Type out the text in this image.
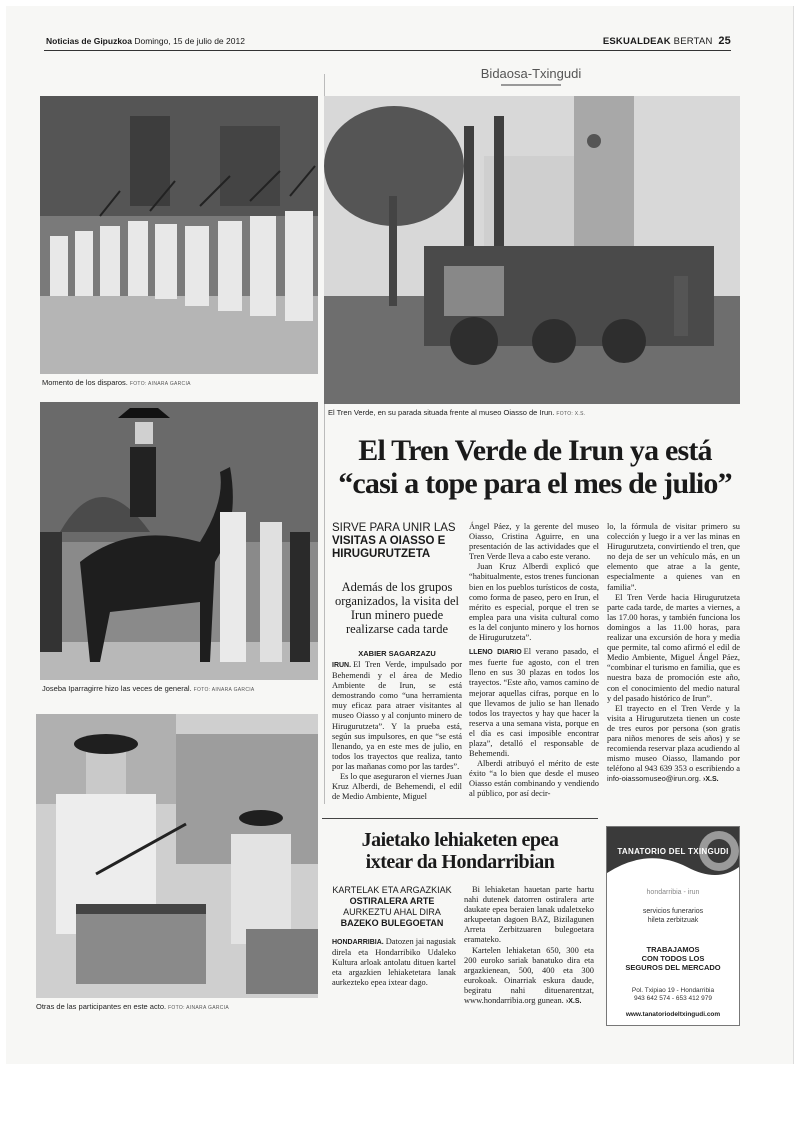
Noticias de Gipuzkoa Domingo, 15 de julio de 2012	ESKUALDEAK BERTAN 25
Bidaosa-Txingudi
Momento de los disparos. FOTO: AINARA GARCIA
El Tren Verde, en su parada situada frente al museo Oiasso de Irun. FOTO: X.S.
Joseba Iparragirre hizo las veces de general. FOTO: AINARA GARCIA
Otras de las participantes en este acto. FOTO: AINARA GARCIA
El Tren Verde de Irun ya está
“casi a tope para el mes de julio”
SIRVE PARA UNIR LAS
VISITAS A OIASSO E HIRUGURUTZETA
Además de los grupos organizados, la visita del Irun minero puede realizarse cada tarde
XABIER SAGARZAZU

IRUN. El Tren Verde, impulsado por Behemendi y el área de Medio Ambiente de Irun, se está demostrando como “una herramienta muy eficaz para atraer visitantes al museo Oiasso y al conjunto minero de Hirugurutzeta”. Y la prueba está, según sus impulsores, en que “se está llenando, ya en este mes de julio, en todos los trayectos que realiza, tanto por las mañanas como por las tardes”.

Es lo que aseguraron el viernes Juan Kruz Alberdi, de Behemendi, el edil de Medio Ambiente, Miguel

Ángel Páez, y la gerente del museo Oiasso, Cristina Aguirre, en una presentación de las actividades que el Tren Verde lleva a cabo este verano.

Juan Kruz Alberdi explicó que “habitualmente, estos trenes funcionan bien en los pueblos turísticos de costa, como forma de paseo, pero en Irun, el mérito es especial, porque el tren se emplea para una visita cultural como es la del conjunto minero y los hornos de Hirugurutzeta”.

LLENO DIARIO El verano pasado, el mes fuerte fue agosto, con el tren lleno en sus 30 plazas en todos los trayectos. “Este año, vamos camino de mejorar aquellas cifras, porque en lo que llevamos de julio se han llenado todos los trayectos y hay que hacer la reserva a una semana vista, porque en el día es casi imposible encontrar plaza”, detalló el responsable de Behemendi.

Alberdi atribuyó el mérito de este éxito “a lo bien que desde el museo Oiasso están combinando y vendiendo al público, por así decir-

lo, la fórmula de visitar primero su colección y luego ir a ver las minas en Hirugurutzeta, convirtiendo el tren, que no deja de ser un vehículo más, en un elemento que atrae a la gente, especialmente a quienes van en familia”.

El Tren Verde hacia Hirugurutzeta parte cada tarde, de martes a viernes, a las 17.00 horas, y también funciona los domingos a las 11.00 horas, para realizar una excursión de hora y media que permite, tal como afirmó el edil de Medio Ambiente, Miguel Ángel Páez, “combinar el turismo en familia, que es nuestra baza de promoción este año, con el conocimiento del medio natural y del pasado histórico de Irun”.

El trayecto en el Tren Verde y la visita a Hirugurutzeta tienen un coste de tres euros por persona (son gratis para niños menores de seis años) y se recomienda reservar plaza acudiendo al mismo museo Oiasso, llamando por teléfono al 943 639 353 o escribiendo a info-oiassomuseo@irun.org. ›X.S.

Jaietako lehiaketen epea
ixtear da Hondarribian
KARTELAK ETA ARGAZKIAK
OSTIRALERA ARTE
AURKEZTU AHAL DIRA
BAZEKO BULEGOETAN

HONDARRIBIA. Datozen jai nagusiak direla eta Hondarribiko Udaleko Kultura arloak antolatu dituen kartel eta argazkien lehiaketetara lanak aurkezteko epea ixtear dago.

Bi lehiaketan hauetan parte hartu nahi dutenek datorren ostiralera arte daukate epea beraien lanak udaletxeko arkupeetan dagoen BAZ, Bizilagunen Arreta Zerbitzuaren bulegoetara eramateko.

Kartelen lehiaketan 650, 300 eta 200 euroko sariak banatuko dira eta argazkienean, 500, 400 eta 300 eurokoak. Oinarriak eskura daude, begiratu nahi dituenarentzat, www.hondarribia.org gunean. ›X.S.

TANATORIO DEL TXINGUDI
hondarribia - irun
servicios funerarios
hileta zerbitzuak
TRABAJAMOS
CON TODOS LOS
SEGUROS DEL MERCADO
Pol. Txipiao 19 - Hondarribia
943 642 574 - 653 412 979
www.tanatoriodeltxingudi.com
